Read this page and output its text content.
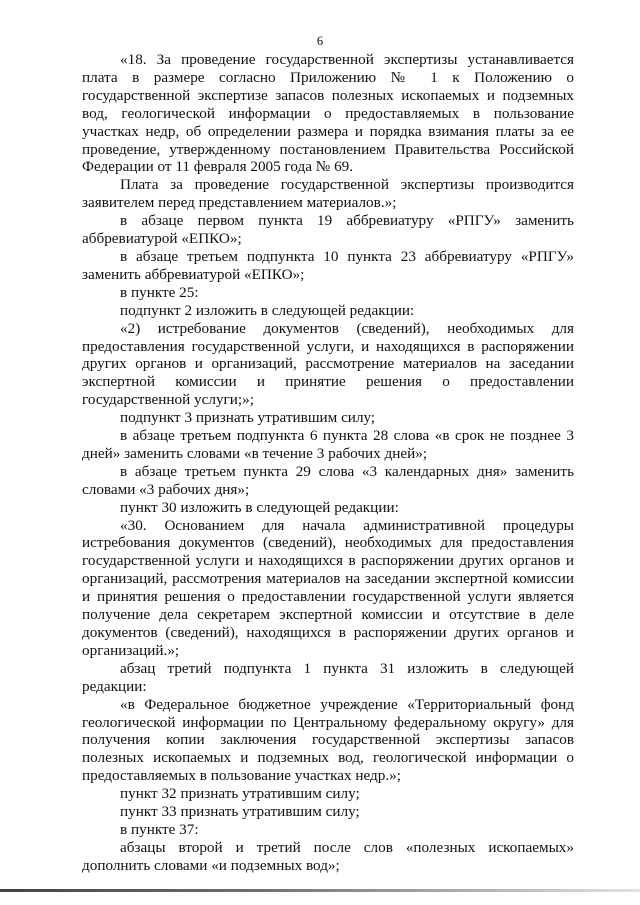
6

«18. За проведение государственной экспертизы устанавливается плата в размере согласно Приложению № 1 к Положению о государственной экспертизе запасов полезных ископаемых и подземных вод, геологической информации о предоставляемых в пользование участках недр, об определении размера и порядка взимания платы за ее проведение, утвержденному постановлением Правительства Российской Федерации от 11 февраля 2005 года № 69.

Плата за проведение государственной экспертизы производится заявителем перед представлением материалов.»;

в абзаце первом пункта 19 аббревиатуру «РПГУ» заменить аббревиатурой «ЕПКО»;

в абзаце третьем подпункта 10 пункта 23 аббревиатуру «РПГУ» заменить аббревиатурой «ЕПКО»;

в пункте 25:

подпункт 2 изложить в следующей редакции:

«2) истребование документов (сведений), необходимых для предоставления государственной услуги, и находящихся в распоряжении других органов и организаций, рассмотрение материалов на заседании экспертной комиссии и принятие решения о предоставлении государственной услуги;»;

подпункт 3 признать утратившим силу;

в абзаце третьем подпункта 6 пункта 28 слова «в срок не позднее 3 дней» заменить словами «в течение 3 рабочих дней»;

в абзаце третьем пункта 29 слова «3 календарных дня» заменить словами «3 рабочих дня»;

пункт 30 изложить в следующей редакции:

«30. Основанием для начала административной процедуры истребования документов (сведений), необходимых для предоставления государственной услуги и находящихся в распоряжении других органов и организаций, рассмотрения материалов на заседании экспертной комиссии и принятия решения о предоставлении государственной услуги является получение дела секретарем экспертной комиссии и отсутствие в деле документов (сведений), находящихся в распоряжении других органов и организаций.»;

абзац третий подпункта 1 пункта 31 изложить в следующей редакции:

«в Федеральное бюджетное учреждение «Территориальный фонд геологической информации по Центральному федеральному округу» для получения копии заключения государственной экспертизы запасов полезных ископаемых и подземных вод, геологической информации о предоставляемых в пользование участках недр.»;

пункт 32 признать утратившим силу;

пункт 33 признать утратившим силу;

в пункте 37:

абзацы второй и третий после слов «полезных ископаемых» дополнить словами «и подземных вод»;
